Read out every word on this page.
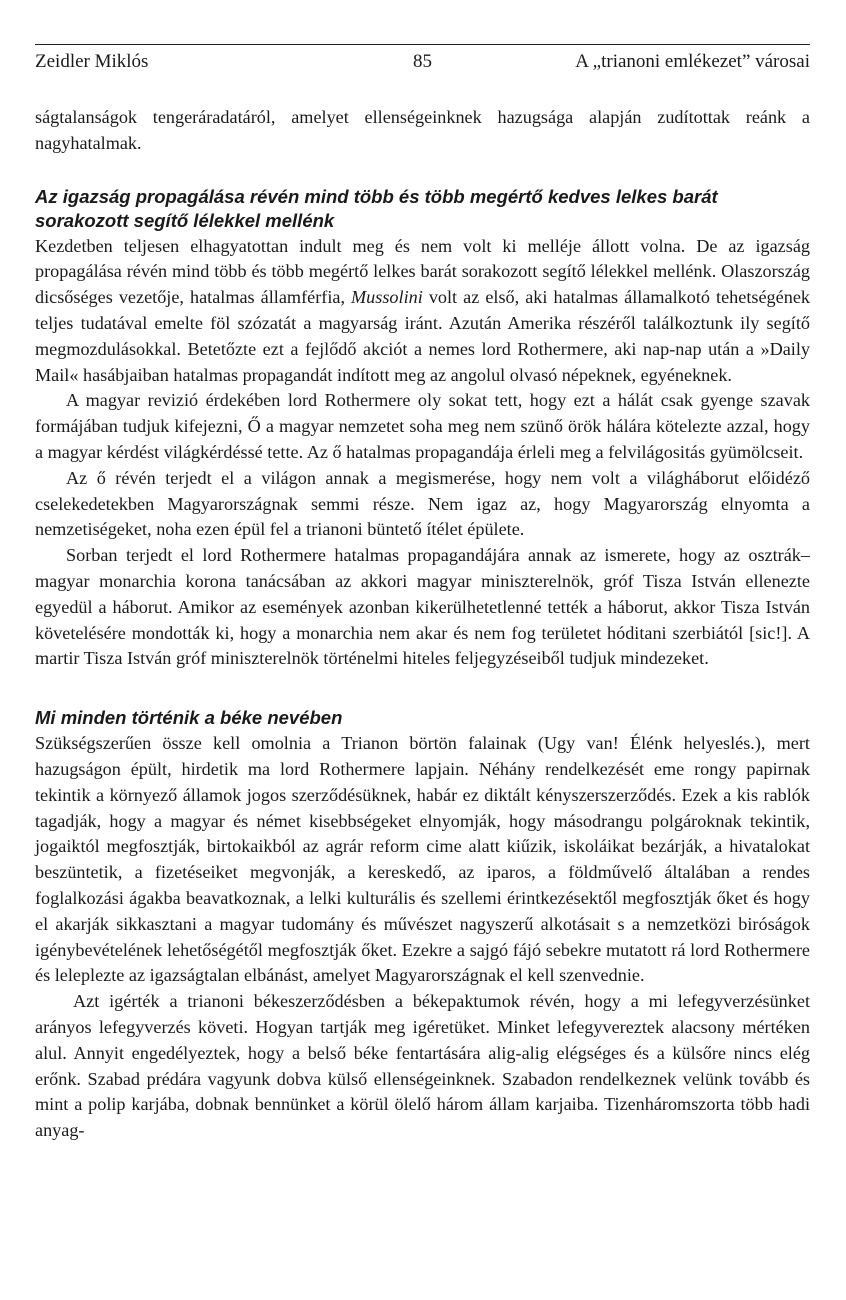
Zeidler Miklós	85	A „trianoni emlékezet” városai

ságtalanságok tengeráradatáról, amelyet ellenségeinknek hazugsága alapján zudítottak reánk a nagyhatalmak.

Az igazság propagálása révén mind több és több megértő kedves lelkes barát sorakozott segítő lélekkel mellénk

Kezdetben teljesen elhagyatottan indult meg és nem volt ki melléje állott volna. De az igazság propagálása révén mind több és több megértő lelkes barát sorakozott segítő lélekkel mellénk. Olaszország dicsőséges vezetője, hatalmas államférfia, Mussolini volt az első, aki hatalmas államalkotó tehetségének teljes tudatával emelte föl szózatát a magyarság iránt. Azután Amerika részéről találkoztunk ily segítő megmozdulásokkal. Betetőzte ezt a fejlődő akciót a nemes lord Rothermere, aki nap-nap után a »Daily Mail« hasábjaiban hatalmas propagandát indított meg az angolul olvasó népeknek, egyéneknek.

A magyar revizió érdekében lord Rothermere oly sokat tett, hogy ezt a hálát csak gyenge szavak formájában tudjuk kifejezni, Ő a magyar nemzetet soha meg nem szünő örök hálára kötelezte azzal, hogy a magyar kérdést világkérdéssé tette. Az ő hatalmas propagandája érleli meg a felvilágositás gyümölcseit.

Az ő révén terjedt el a világon annak a megismerése, hogy nem volt a világháborut előidéző cselekedetekben Magyarországnak semmi része. Nem igaz az, hogy Magyarország elnyomta a nemzetiségeket, noha ezen épül fel a trianoni büntető ítélet épülete.

Sorban terjedt el lord Rothermere hatalmas propagandájára annak az ismerete, hogy az osztrák–magyar monarchia korona tanácsában az akkori magyar miniszterelnök, gróf Tisza István ellenezte egyedül a háborut. Amikor az események azonban kikerülhetetlenné tették a háborut, akkor Tisza István követelésére mondották ki, hogy a monarchia nem akar és nem fog területet hóditani szerbiától [sic!]. A martir Tisza István gróf miniszterelnök történelmi hiteles feljegyzéseiből tudjuk mindezeket.

Mi minden történik a béke nevében

Szükségszerűen össze kell omolnia a Trianon börtön falainak (Ugy van! Élénk helyeslés.), mert hazugságon épült, hirdetik ma lord Rothermere lapjain. Néhány rendelkezését eme rongy papirnak tekintik a környező államok jogos szerződésüknek, habár ez diktált kényszerszerződés. Ezek a kis rablók tagadják, hogy a magyar és német kisebbségeket elnyomják, hogy másodrangu polgároknak tekintik, jogaiktól megfosztják, birtokaikból az agrár reform cime alatt kiűzik, iskoláikat bezárják, a hivatalokat beszüntetik, a fizetéseiket megvonják, a kereskedő, az iparos, a földművelő általában a rendes foglalkozási ágakba beavatkoznak, a lelki kulturális és szellemi érintkezésektől megfosztják őket és hogy el akarják sikkasztani a magyar tudomány és művészet nagyszerű alkotásait s a nemzetközi biróságok igénybevételének lehetőségétől megfosztják őket. Ezekre a sajgó fájó sebekre mutatott rá lord Rothermere és leleplezte az igazságtalan elbánást, amelyet Magyarországnak el kell szenvednie.

Azt igérték a trianoni békeszerződésben a békepaktumok révén, hogy a mi lefegyverzésünket arányos lefegyverzés követi. Hogyan tartják meg igéretüket. Minket lefegyvereztek alacsony mértéken alul. Annyit engedélyeztek, hogy a belső béke fentartására alig-alig elégséges és a külsőre nincs elég erőnk. Szabad prédára vagyunk dobva külső ellenségeinknek. Szabadon rendelkeznek velünk tovább és mint a polip karjába, dobnak bennünket a körül ölelő három állam karjaiba. Tizenháromszorta több hadi anyag-
